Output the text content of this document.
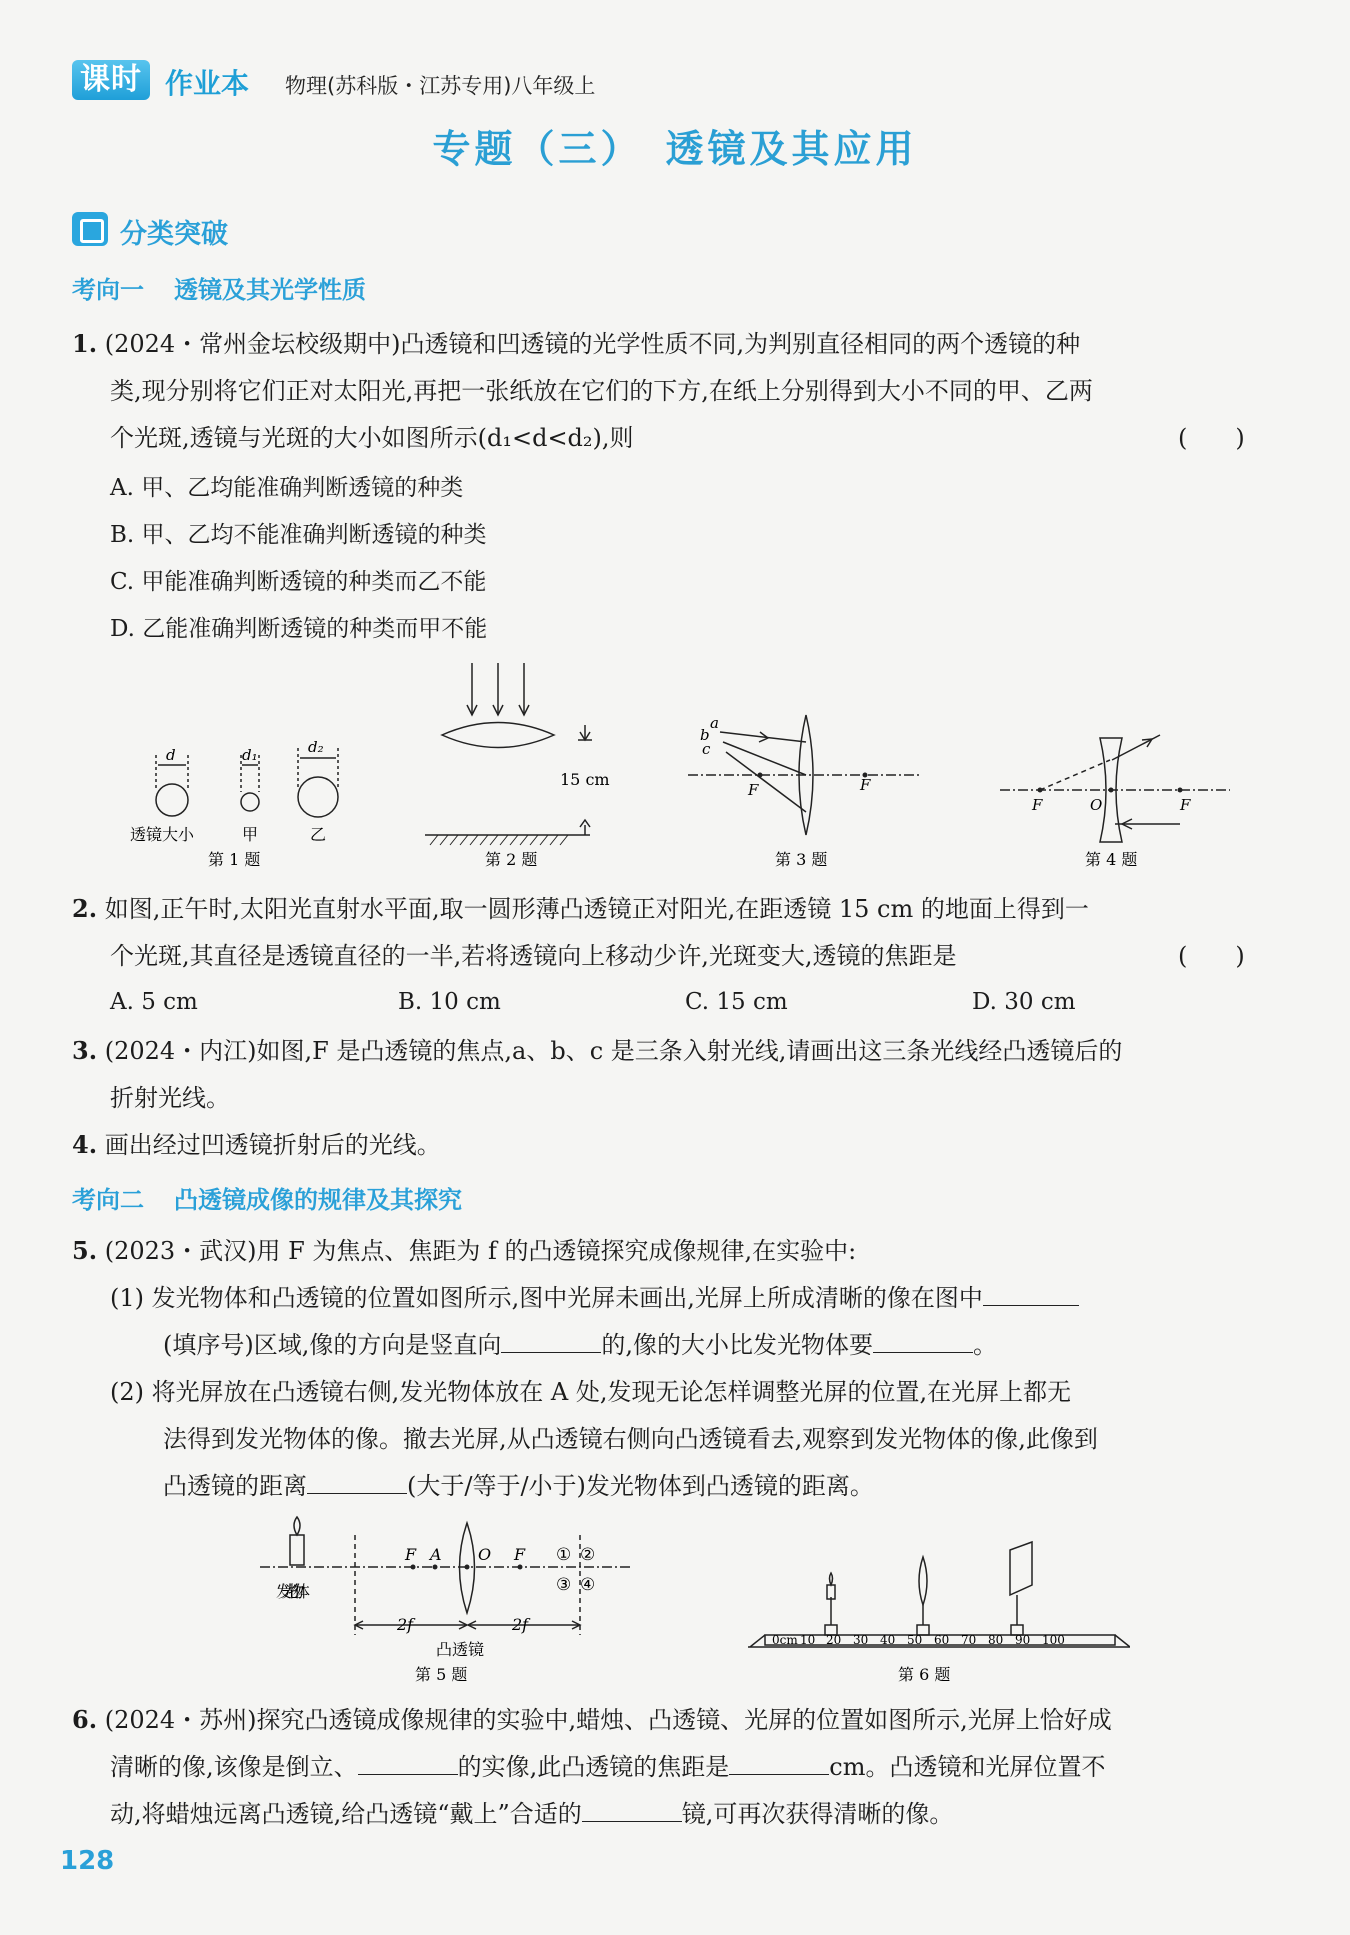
课时 作业本 物理(苏科版・江苏专用)八年级上
专题（三）　透镜及其应用
分类突破
考向一 透镜及其光学性质
1. (2024・常州金坛校级期中)凸透镜和凹透镜的光学性质不同,为判别直径相同的两个透镜的种
类,现分别将它们正对太阳光,再把一张纸放在它们的下方,在纸上分别得到大小不同的甲、乙两
个光斑,透镜与光斑的大小如图所示(d₁<d<d₂),则	(　　)
A. 甲、乙均能准确判断透镜的种类
B. 甲、乙均不能准确判断透镜的种类
C. 甲能准确判断透镜的种类而乙不能
D. 乙能准确判断透镜的种类而甲不能
d	d₁	d₂
透镜大小	甲	乙
第 1 题
15 cm
第 2 题
a
b
c
F	F
第 3 题
F	O	F
第 4 题
2. 如图,正午时,太阳光直射水平面,取一圆形薄凸透镜正对阳光,在距透镜 15 cm 的地面上得到一
个光斑,其直径是透镜直径的一半,若将透镜向上移动少许,光斑变大,透镜的焦距是	(　　)
A. 5 cm	B. 10 cm	C. 15 cm	D. 30 cm
3. (2024・内江)如图,F 是凸透镜的焦点,a、b、c 是三条入射光线,请画出这三条光线经凸透镜后的
折射光线。
4. 画出经过凹透镜折射后的光线。
考向二 凸透镜成像的规律及其探究
5. (2023・武汉)用 F 为焦点、焦距为 f 的凸透镜探究成像规律,在实验中:
(1) 发光物体和凸透镜的位置如图所示,图中光屏未画出,光屏上所成清晰的像在图中
(填序号)区域,像的方向是竖直向	的,像的大小比发光物体要	。
(2) 将光屏放在凸透镜右侧,发光物体放在 A 处,发现无论怎样调整光屏的位置,在光屏上都无
法得到发光物体的像。撤去光屏,从凸透镜右侧向凸透镜看去,观察到发光物体的像,此像到
凸透镜的距离	(大于/等于/小于)发光物体到凸透镜的距离。
F A O F ① ②
③ ④
2f	2f
发光物体
凸透镜
第 5 题
0cm 10 20 30 40 50 60 70 80 90 100
第 6 题
6. (2024・苏州)探究凸透镜成像规律的实验中,蜡烛、凸透镜、光屏的位置如图所示,光屏上恰好成
清晰的像,该像是倒立、	的实像,此凸透镜的焦距是	cm。凸透镜和光屏位置不
动,将蜡烛远离凸透镜,给凸透镜“戴上”合适的	镜,可再次获得清晰的像。
128
